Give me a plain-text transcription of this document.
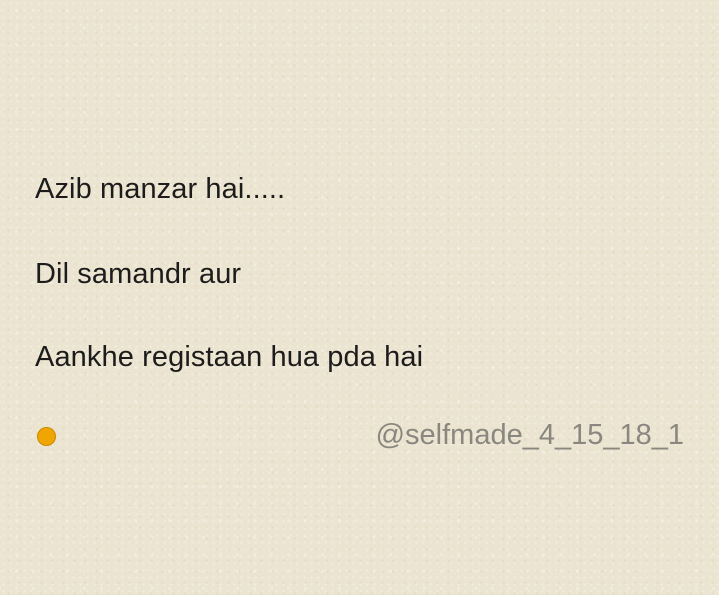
Azib manzar hai.....

Dil samandr aur

Aankhe registaan hua pda hai

@selfmade_4_15_18_1
